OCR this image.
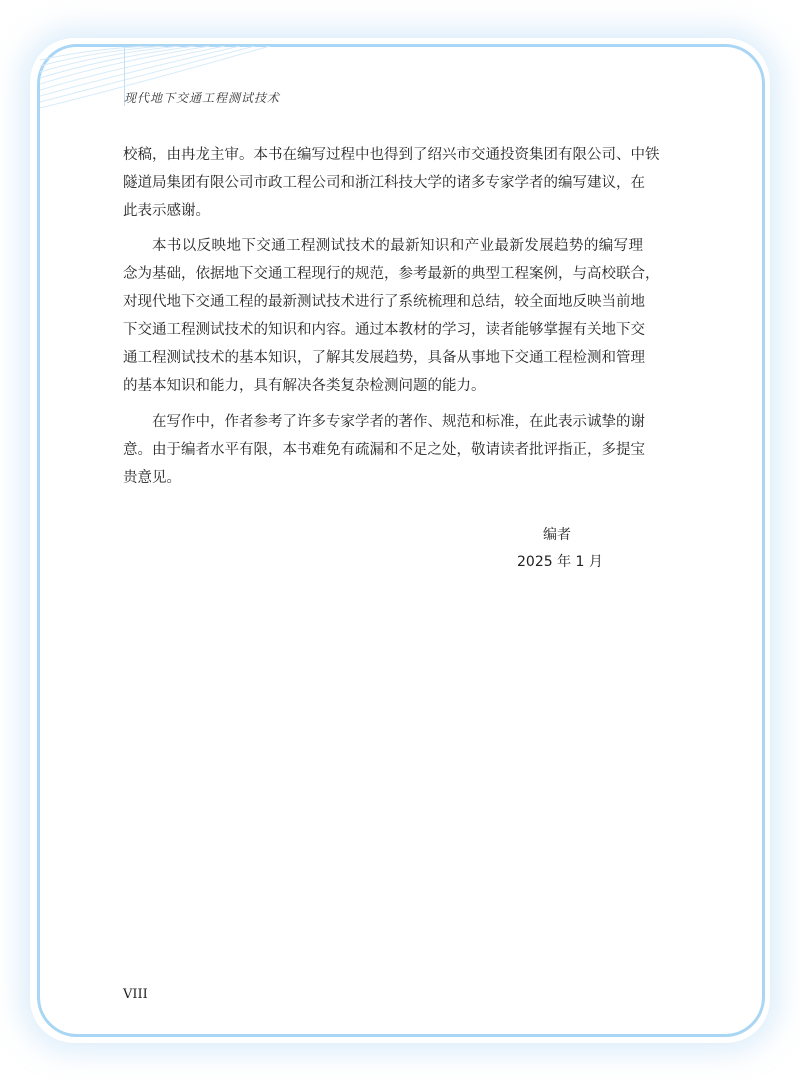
现代地下交通工程测试技术
校稿，由冉龙主审。本书在编写过程中也得到了绍兴市交通投资集团有限公司、中铁
隧道局集团有限公司市政工程公司和浙江科技大学的诸多专家学者的编写建议，在
此表示感谢。
本书以反映地下交通工程测试技术的最新知识和产业最新发展趋势的编写理
念为基础，依据地下交通工程现行的规范，参考最新的典型工程案例，与高校联合，
对现代地下交通工程的最新测试技术进行了系统梳理和总结，较全面地反映当前地
下交通工程测试技术的知识和内容。通过本教材的学习，读者能够掌握有关地下交
通工程测试技术的基本知识，了解其发展趋势，具备从事地下交通工程检测和管理
的基本知识和能力，具有解决各类复杂检测问题的能力。
在写作中，作者参考了许多专家学者的著作、规范和标准，在此表示诚挚的谢
意。由于编者水平有限，本书难免有疏漏和不足之处，敬请读者批评指正，多提宝
贵意见。
编者
2025 年 1 月
VIII
